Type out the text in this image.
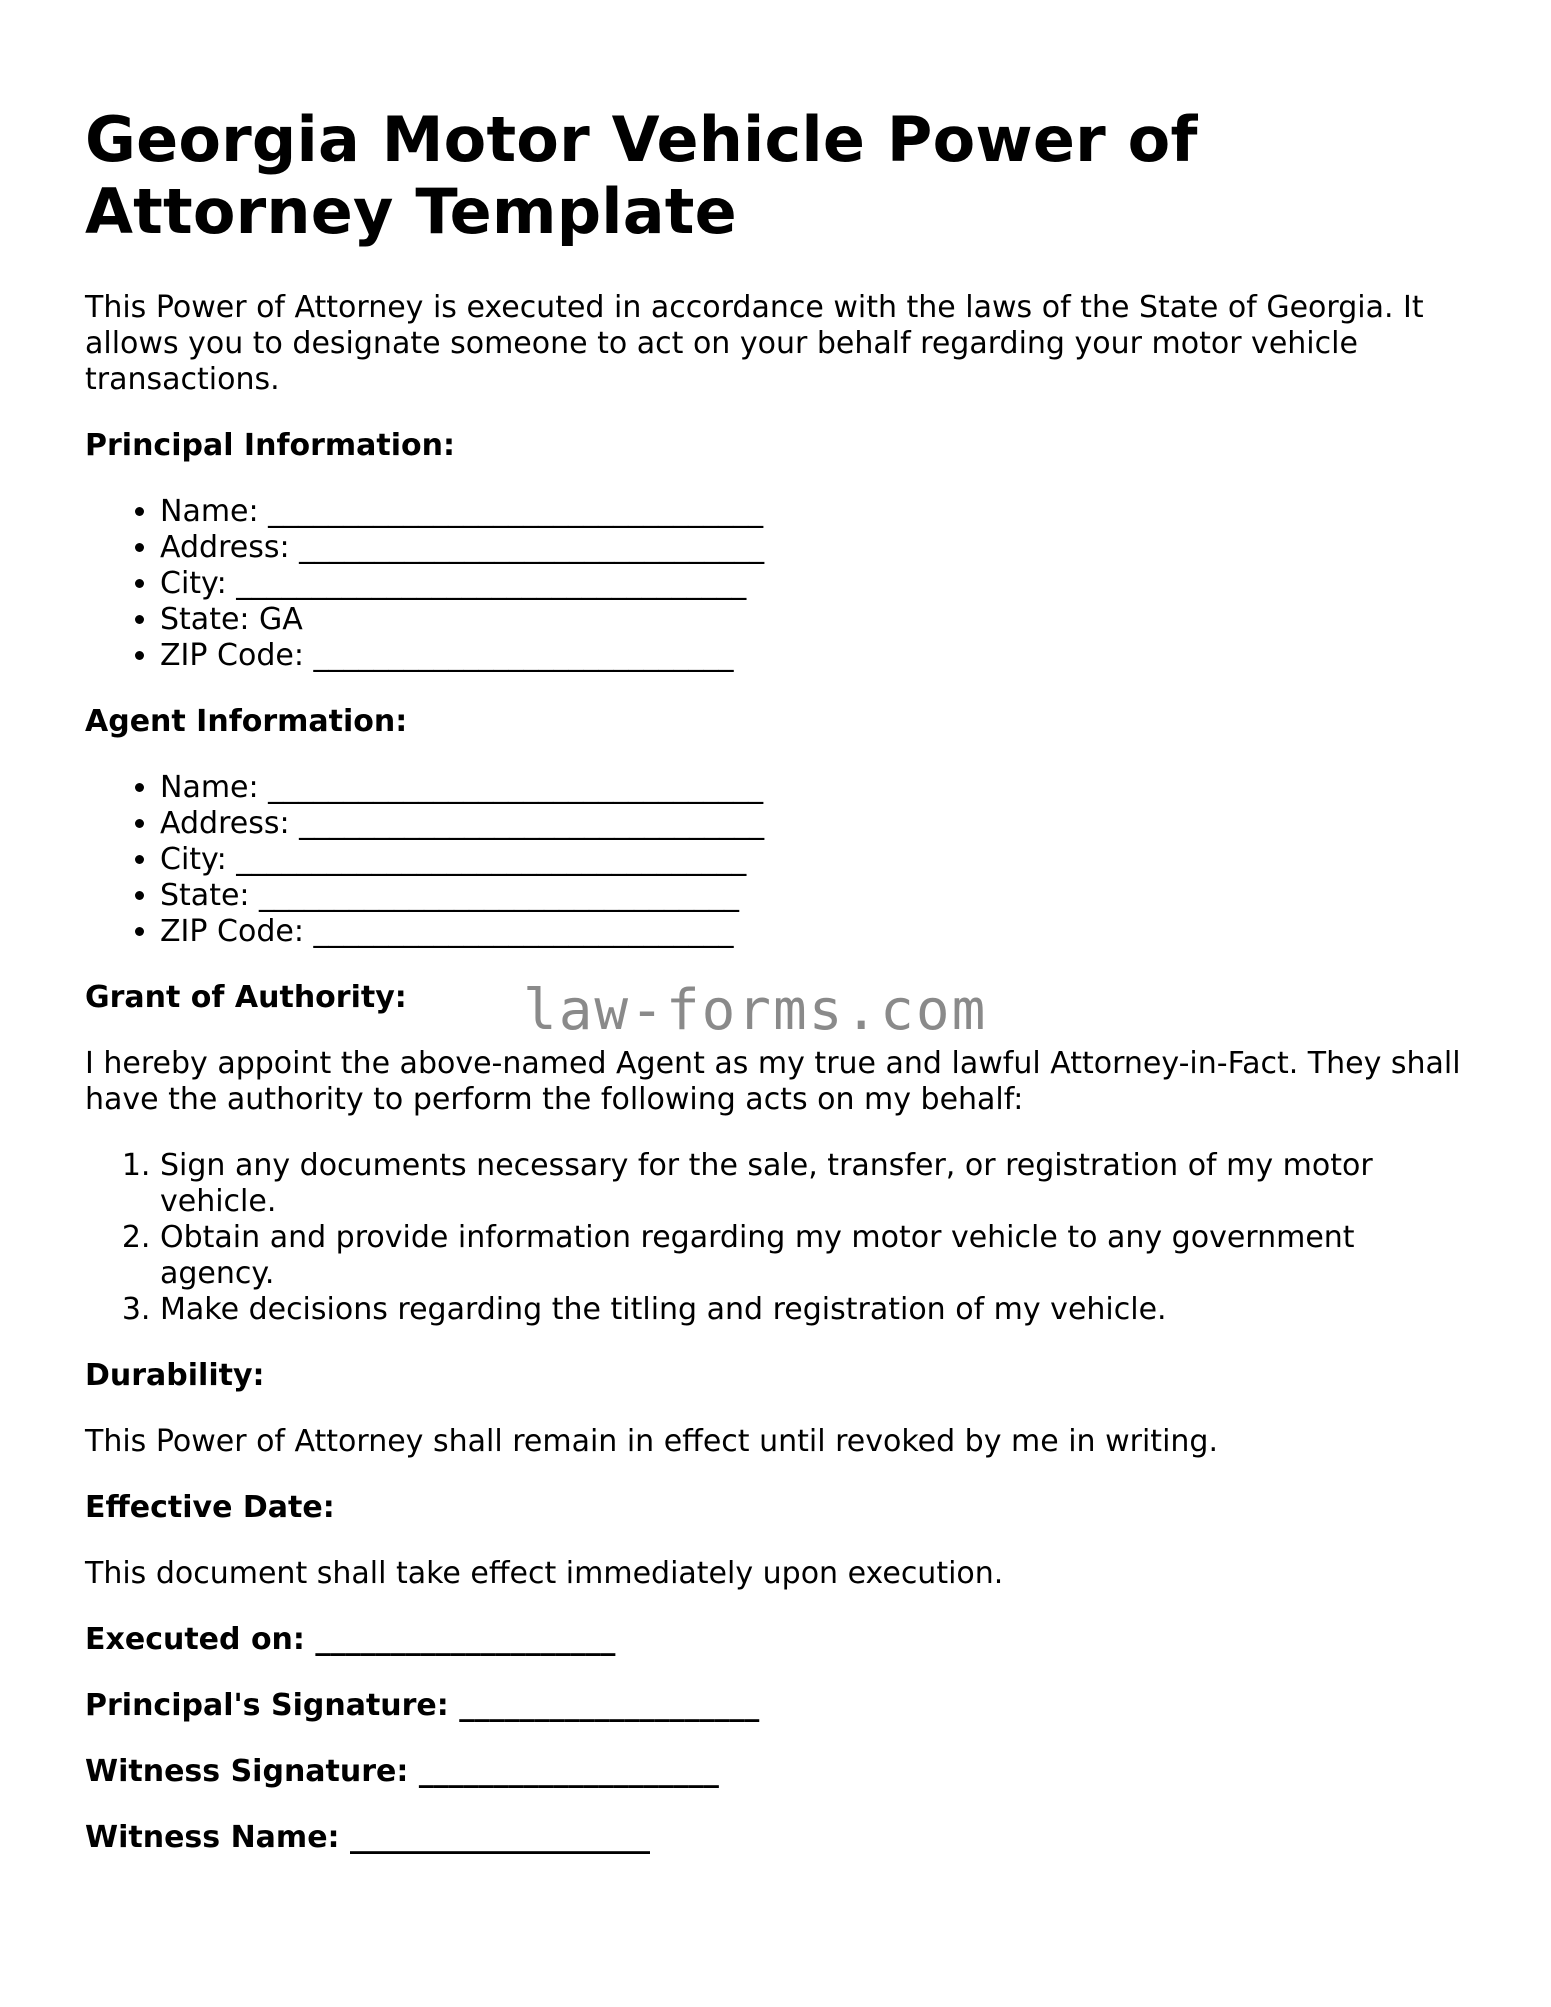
Georgia Motor Vehicle Power of Attorney Template

This Power of Attorney is executed in accordance with the laws of the State of Georgia. It allows you to designate someone to act on your behalf regarding your motor vehicle transactions.

Principal Information:
• Name: _________________________________
• Address: _______________________________
• City: __________________________________
• State: GA
• ZIP Code: ____________________________
Agent Information:
• Name: _________________________________
• Address: _______________________________
• City: __________________________________
• State: ________________________________
• ZIP Code: ____________________________
Grant of Authority:

I hereby appoint the above-named Agent as my true and lawful Attorney-in-Fact. They shall have the authority to perform the following acts on my behalf:

1. Sign any documents necessary for the sale, transfer, or registration of my motor vehicle.
2. Obtain and provide information regarding my motor vehicle to any government agency.
3. Make decisions regarding the titling and registration of my vehicle.
Durability:

This Power of Attorney shall remain in effect until revoked by me in writing.

Effective Date:

This document shall take effect immediately upon execution.

Executed on: ____________________
Principal's Signature: ____________________
Witness Signature: ____________________
Witness Name: ____________________
law-forms.com
